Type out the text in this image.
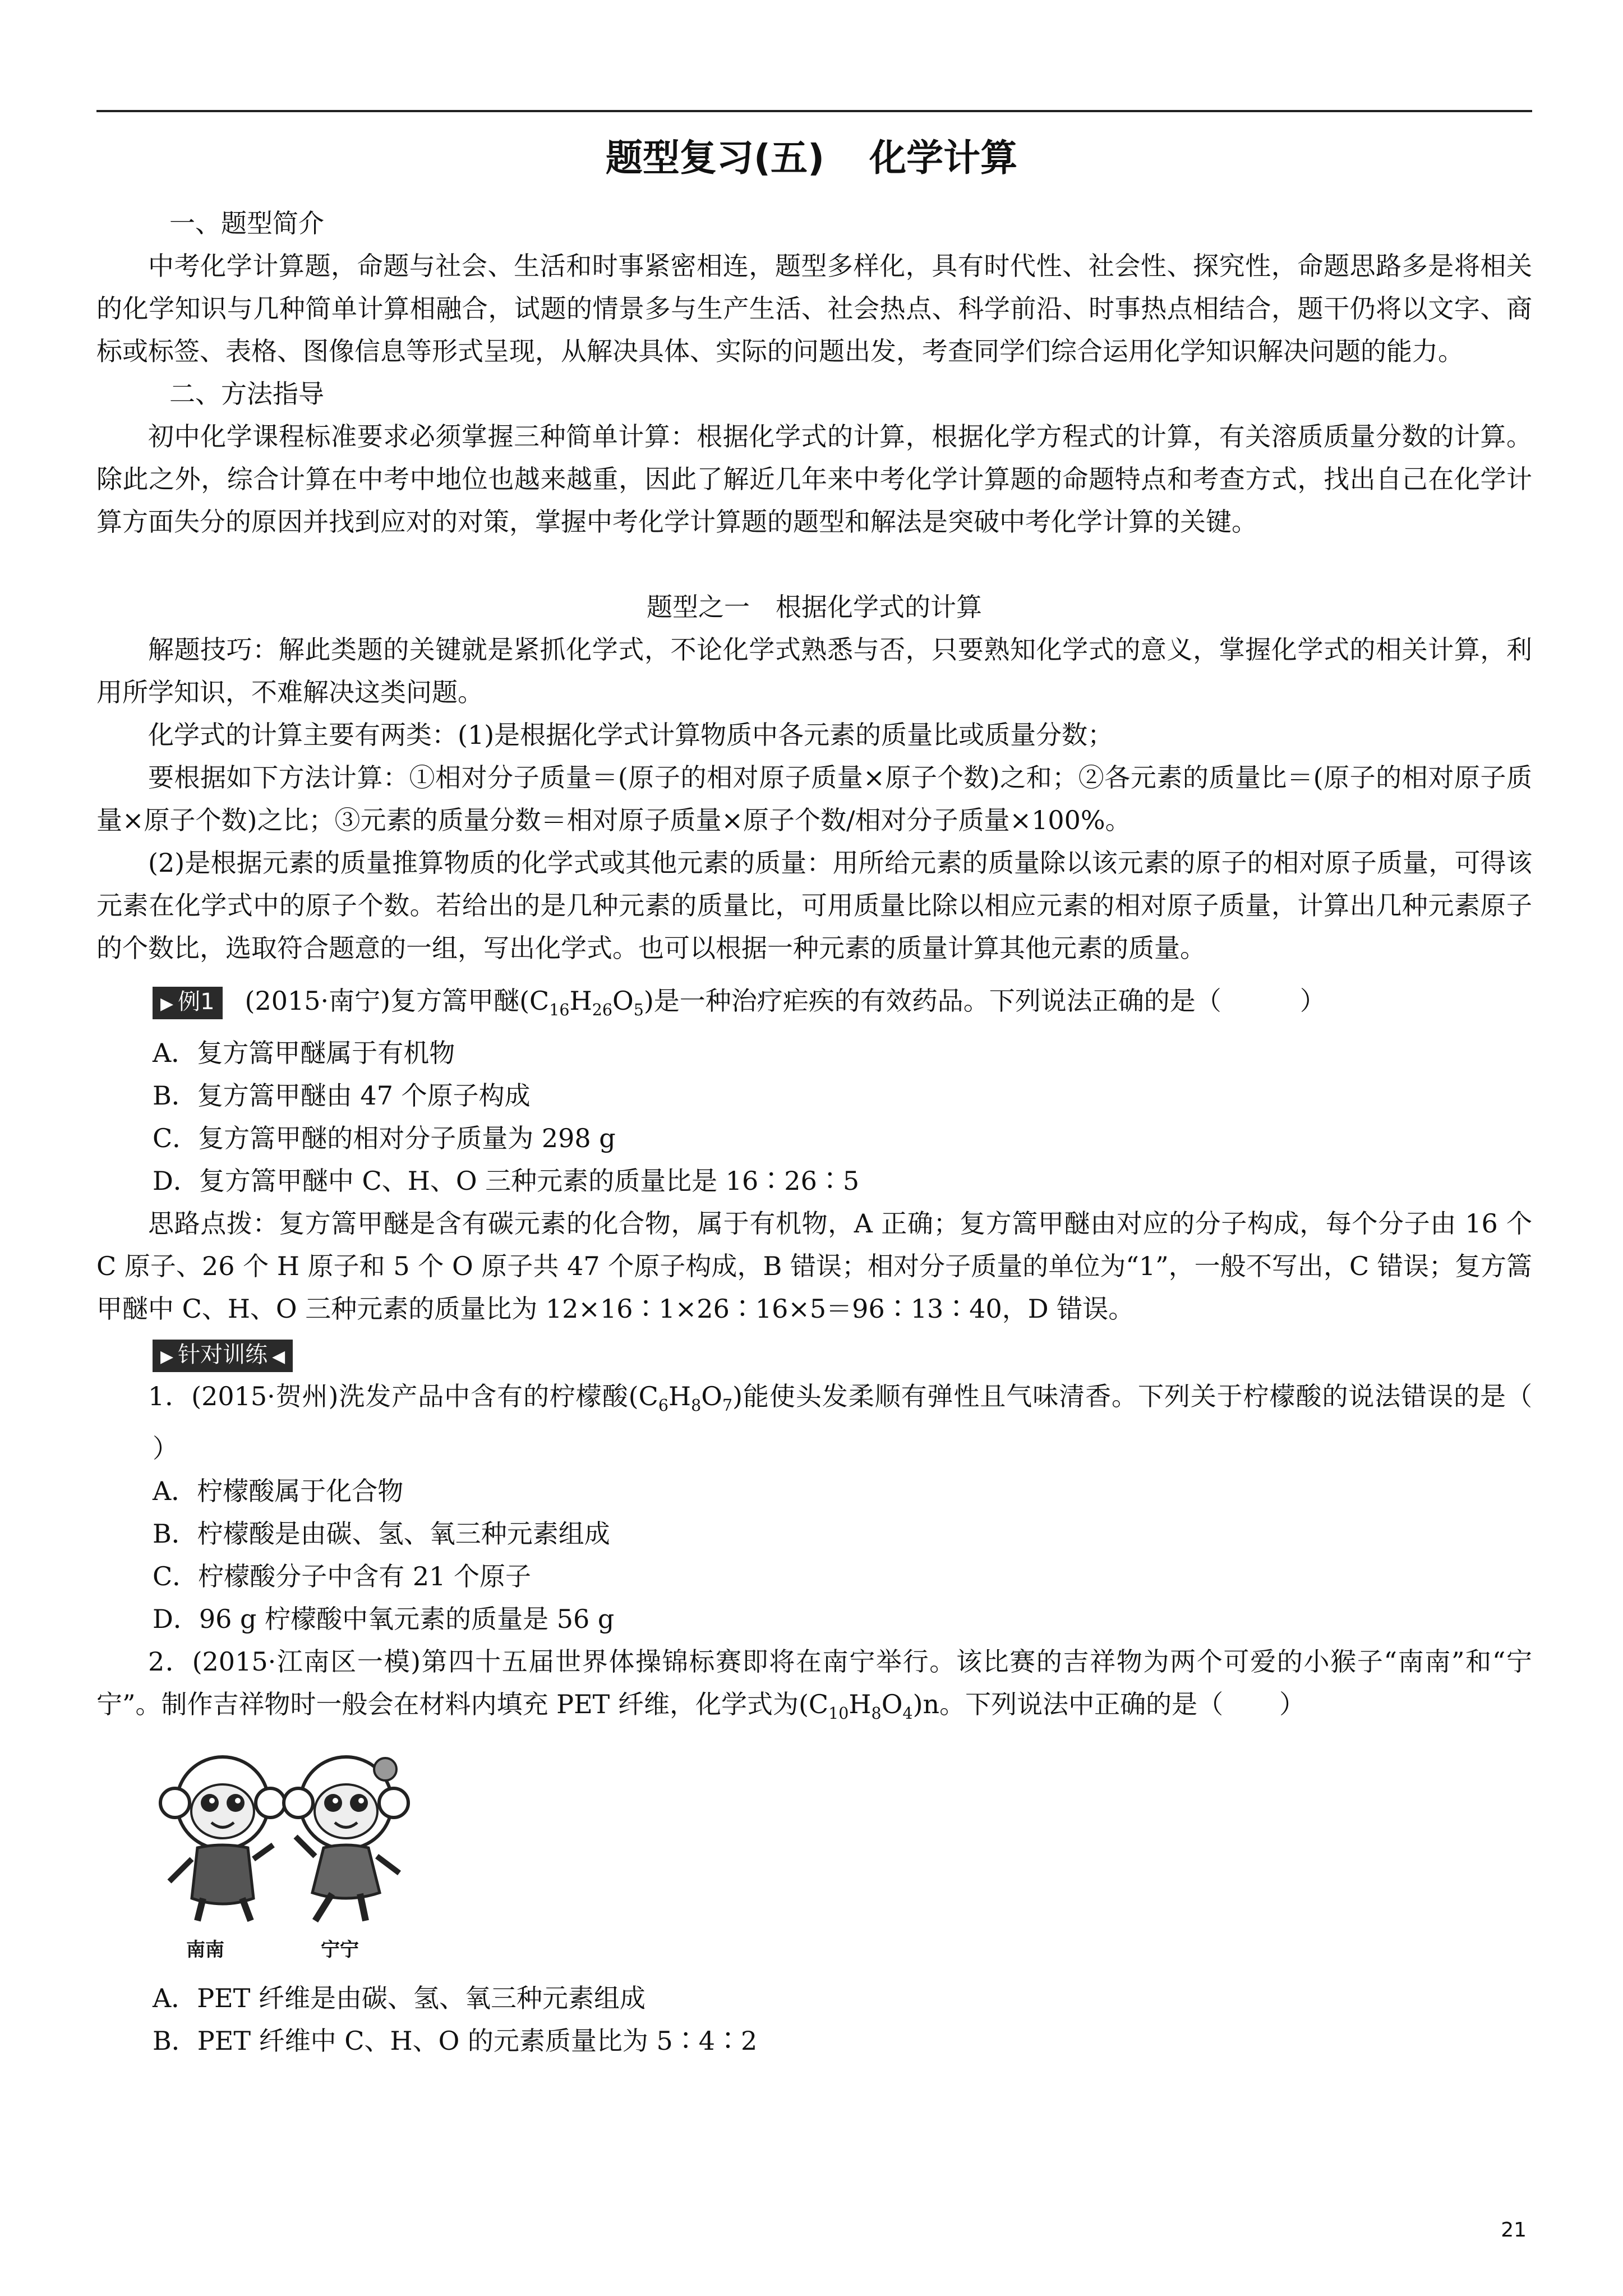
题型复习(五) 化学计算

一、题型简介

中考化学计算题，命题与社会、生活和时事紧密相连，题型多样化，具有时代性、社会性、探究性，命题思路多是将相关的化学知识与几种简单计算相融合，试题的情景多与生产生活、社会热点、科学前沿、时事热点相结合，题干仍将以文字、商标或标签、表格、图像信息等形式呈现，从解决具体、实际的问题出发，考查同学们综合运用化学知识解决问题的能力。

二、方法指导

初中化学课程标准要求必须掌握三种简单计算：根据化学式的计算，根据化学方程式的计算，有关溶质质量分数的计算。除此之外，综合计算在中考中地位也越来越重，因此了解近几年来中考化学计算题的命题特点和考查方式，找出自己在化学计算方面失分的原因并找到应对的对策，掌握中考化学计算题的题型和解法是突破中考化学计算的关键。

题型之一　根据化学式的计算

解题技巧：解此类题的关键就是紧抓化学式，不论化学式熟悉与否，只要熟知化学式的意义，掌握化学式的相关计算，利用所学知识，不难解决这类问题。

化学式的计算主要有两类：(1)是根据化学式计算物质中各元素的质量比或质量分数；

要根据如下方法计算：①相对分子质量＝(原子的相对原子质量×原子个数)之和；②各元素的质量比＝(原子的相对原子质量×原子个数)之比；③元素的质量分数＝相对原子质量×原子个数/相对分子质量×100%。

(2)是根据元素的质量推算物质的化学式或其他元素的质量：用所给元素的质量除以该元素的原子的相对原子质量，可得该元素在化学式中的原子个数。若给出的是几种元素的质量比，可用质量比除以相应元素的相对原子质量，计算出几种元素原子的个数比，选取符合题意的一组，写出化学式。也可以根据一种元素的质量计算其他元素的质量。

▶ 例1 (2015·南宁)复方篙甲醚$(C_{16}H_{26}O_5)$是一种治疗疟疾的有效药品。下列说法正确的是（	）

A．复方篙甲醚属于有机物

B．复方篙甲醚由 47 个原子构成

C．复方篙甲醚的相对分子质量为 298 g

D．复方篙甲醚中 C、H、O 三种元素的质量比是 16∶26∶5

思路点拨：复方篙甲醚是含有碳元素的化合物，属于有机物，A 正确；复方篙甲醚由对应的分子构成，每个分子由 16 个 C 原子、26 个 H 原子和 5 个 O 原子共 47 个原子构成，B 错误；相对分子质量的单位为“1”，一般不写出，C 错误；复方篙甲醚中 C、H、O 三种元素的质量比为 12×16∶1×26∶16×5＝96∶13∶40，D 错误。

▶ 针对训练 ◀

1．(2015·贺州)洗发产品中含有的柠檬酸$(C_6H_8O_7)$能使头发柔顺有弹性且气味清香。下列关于柠檬酸的说法错误的是（）

A．柠檬酸属于化合物

B．柠檬酸是由碳、氢、氧三种元素组成

C．柠檬酸分子中含有 21 个原子

D．96 g 柠檬酸中氧元素的质量是 56 g

2．(2015·江南区一模)第四十五届世界体操锦标赛即将在南宁举行。该比赛的吉祥物为两个可爱的小猴子“南南”和“宁宁”。制作吉祥物时一般会在材料内填充 PET 纤维，化学式为$(C_{10}H_8O_4)n$。下列说法中正确的是（ ）

南南	宁宁

A．PET 纤维是由碳、氢、氧三种元素组成

B．PET 纤维中 C、H、O 的元素质量比为 5∶4∶2

21
